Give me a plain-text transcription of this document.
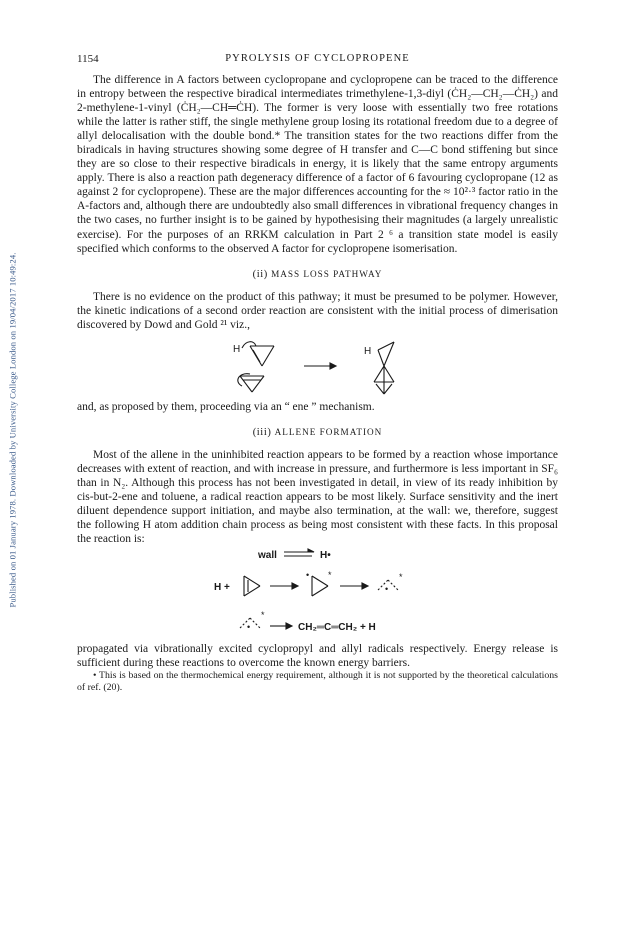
Published on 01 January 1978. Downloaded by University College London on 19/04/2017 10:49:24.
1154	PYROLYSIS OF CYCLOPROPENE

The difference in A factors between cyclopropane and cyclopropene can be traced to the difference in entropy between the respective biradical intermediates trimethylene-1,3-diyl (ĊH₂—CH₂—ĊH₂) and 2-methylene-1-vinyl (ĊH₂—CH═ĊH). The former is very loose with essentially two free rotations while the latter is rather stiff, the single methylene group losing its rotational freedom due to a degree of allyl delocalisation with the double bond.* The transition states for the two reactions differ from the biradicals in having structures showing some degree of H transfer and C—C bond stiffening but since they are so close to their respective biradicals in energy, it is likely that the same entropy arguments apply. There is also a reaction path degeneracy difference of a factor of 6 favouring cyclopropane (12 as against 2 for cyclopropene). These are the major differences accounting for the ≈ 10²·³ factor ratio in the A-factors and, although there are undoubtedly also small differences in vibrational frequency changes in the two cases, no further insight is to be gained by hypothesising their magnitudes (a largely unrealistic exercise). For the purposes of an RRKM calculation in Part 2 ⁶ a transition state model is easily specified which conforms to the observed A factor for cyclopropene isomerisation.

(ii) MASS LOSS PATHWAY

There is no evidence on the product of this pathway; it must be presumed to be polymer. However, the kinetic indications of a second order reaction are consistent with the initial process of dimerisation discovered by Dowd and Gold ²¹ viz.,

H	H

and, as proposed by them, proceeding via an “ ene ” mechanism.

(iii) ALLENE FORMATION

Most of the allene in the uninhibited reaction appears to be formed by a reaction whose importance decreases with extent of reaction, and with increase in pressure, and furthermore is less important in SF₆ than in N₂. Although this process has not been investigated in detail, in view of its ready inhibition by cis-but-2-ene and toluene, a radical reaction appears to be most likely. Surface sensitivity and the inert diluent dependence support initiation, and maybe also termination, at the wall: we, therefore, suggest the following H atom addition chain process as being most consistent with these facts. In this proposal the reaction is:

wall	H•
H +
CH₂═C═CH₂ + H
• *
•
*
•
*

propagated via vibrationally excited cyclopropyl and allyl radicals respectively. Energy release is sufficient during these reactions to overcome the known energy barriers.

• This is based on the thermochemical energy requirement, although it is not supported by the theoretical calculations of ref. (20).
